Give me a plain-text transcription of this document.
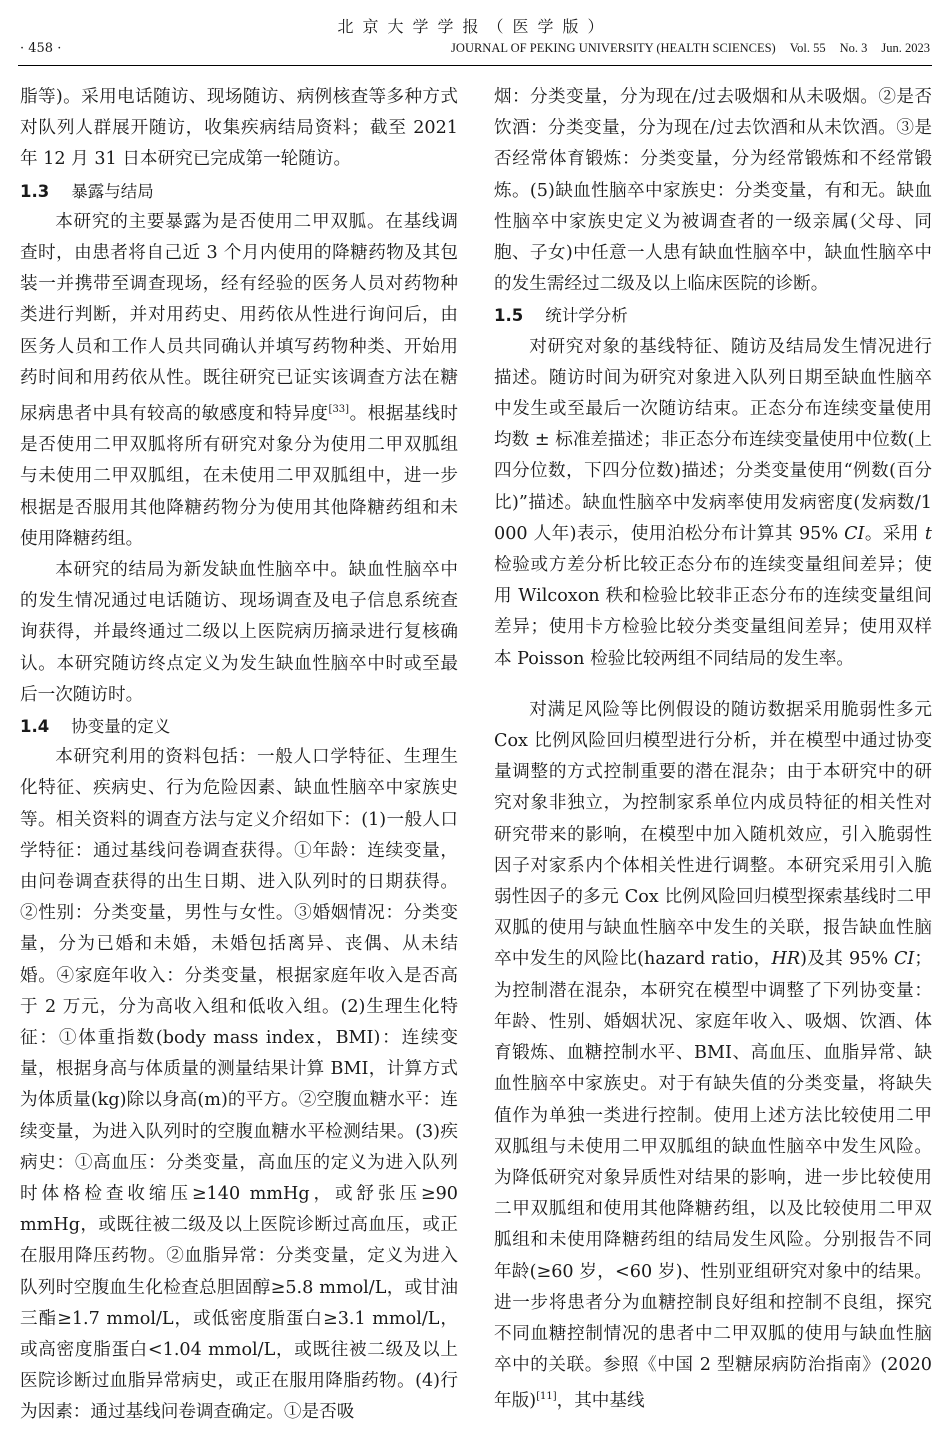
北京大学学报（医学版）
· 458 ·	JOURNAL OF PEKING UNIVERSITY (HEALTH SCIENCES) Vol. 55 No. 3 Jun. 2023

脂等)。采用电话随访、现场随访、病例核查等多种方式对队列人群展开随访，收集疾病结局资料；截至 2021 年 12 月 31 日本研究已完成第一轮随访。

1.3 暴露与结局

本研究的主要暴露为是否使用二甲双胍。在基线调查时，由患者将自己近 3 个月内使用的降糖药物及其包装一并携带至调查现场，经有经验的医务人员对药物种类进行判断，并对用药史、用药依从性进行询问后，由医务人员和工作人员共同确认并填写药物种类、开始用药时间和用药依从性。既往研究已证实该调查方法在糖尿病患者中具有较高的敏感度和特异度[33]。根据基线时是否使用二甲双胍将所有研究对象分为使用二甲双胍组与未使用二甲双胍组，在未使用二甲双胍组中，进一步根据是否服用其他降糖药物分为使用其他降糖药组和未使用降糖药组。

本研究的结局为新发缺血性脑卒中。缺血性脑卒中的发生情况通过电话随访、现场调查及电子信息系统查询获得，并最终通过二级以上医院病历摘录进行复核确认。本研究随访终点定义为发生缺血性脑卒中时或至最后一次随访时。

1.4 协变量的定义

本研究利用的资料包括：一般人口学特征、生理生化特征、疾病史、行为危险因素、缺血性脑卒中家族史等。相关资料的调查方法与定义介绍如下：(1)一般人口学特征：通过基线问卷调查获得。①年龄：连续变量，由问卷调查获得的出生日期、进入队列时的日期获得。②性别：分类变量，男性与女性。③婚姻情况：分类变量，分为已婚和未婚，未婚包括离异、丧偶、从未结婚。④家庭年收入：分类变量，根据家庭年收入是否高于 2 万元，分为高收入组和低收入组。(2)生理生化特征：①体重指数(body mass index，BMI)：连续变量，根据身高与体质量的测量结果计算 BMI，计算方式为体质量(kg)除以身高(m)的平方。②空腹血糖水平：连续变量，为进入队列时的空腹血糖水平检测结果。(3)疾病史：①高血压：分类变量，高血压的定义为进入队列时体格检查收缩压≥140 mmHg，或舒张压≥90 mmHg，或既往被二级及以上医院诊断过高血压，或正在服用降压药物。②血脂异常：分类变量，定义为进入队列时空腹血生化检查总胆固醇≥5.8 mmol/L，或甘油三酯≥1.7 mmol/L，或低密度脂蛋白≥3.1 mmol/L，或高密度脂蛋白<1.04 mmol/L，或既往被二级及以上医院诊断过血脂异常病史，或正在服用降脂药物。(4)行为因素：通过基线问卷调查确定。①是否吸

烟：分类变量，分为现在/过去吸烟和从未吸烟。②是否饮酒：分类变量，分为现在/过去饮酒和从未饮酒。③是否经常体育锻炼：分类变量，分为经常锻炼和不经常锻炼。(5)缺血性脑卒中家族史：分类变量，有和无。缺血性脑卒中家族史定义为被调查者的一级亲属(父母、同胞、子女)中任意一人患有缺血性脑卒中，缺血性脑卒中的发生需经过二级及以上临床医院的诊断。

1.5 统计学分析

对研究对象的基线特征、随访及结局发生情况进行描述。随访时间为研究对象进入队列日期至缺血性脑卒中发生或至最后一次随访结束。正态分布连续变量使用均数 ± 标准差描述；非正态分布连续变量使用中位数(上四分位数，下四分位数)描述；分类变量使用“例数(百分比)”描述。缺血性脑卒中发病率使用发病密度(发病数/1 000 人年)表示，使用泊松分布计算其 95% CI。采用 t 检验或方差分析比较正态分布的连续变量组间差异；使用 Wilcoxon 秩和检验比较非正态分布的连续变量组间差异；使用卡方检验比较分类变量组间差异；使用双样本 Poisson 检验比较两组不同结局的发生率。

对满足风险等比例假设的随访数据采用脆弱性多元 Cox 比例风险回归模型进行分析，并在模型中通过协变量调整的方式控制重要的潜在混杂；由于本研究中的研究对象非独立，为控制家系单位内成员特征的相关性对研究带来的影响，在模型中加入随机效应，引入脆弱性因子对家系内个体相关性进行调整。本研究采用引入脆弱性因子的多元 Cox 比例风险回归模型探索基线时二甲双胍的使用与缺血性脑卒中发生的关联，报告缺血性脑卒中发生的风险比(hazard ratio，HR)及其 95% CI；为控制潜在混杂，本研究在模型中调整了下列协变量：年龄、性别、婚姻状况、家庭年收入、吸烟、饮酒、体育锻炼、血糖控制水平、BMI、高血压、血脂异常、缺血性脑卒中家族史。对于有缺失值的分类变量，将缺失值作为单独一类进行控制。使用上述方法比较使用二甲双胍组与未使用二甲双胍组的缺血性脑卒中发生风险。为降低研究对象异质性对结果的影响，进一步比较使用二甲双胍组和使用其他降糖药组，以及比较使用二甲双胍组和未使用降糖药组的结局发生风险。分别报告不同年龄(≥60 岁，<60 岁)、性别亚组研究对象中的结果。进一步将患者分为血糖控制良好组和控制不良组，探究不同血糖控制情况的患者中二甲双胍的使用与缺血性脑卒中的关联。参照《中国 2 型糖尿病防治指南》(2020 年版)[11]，其中基线
